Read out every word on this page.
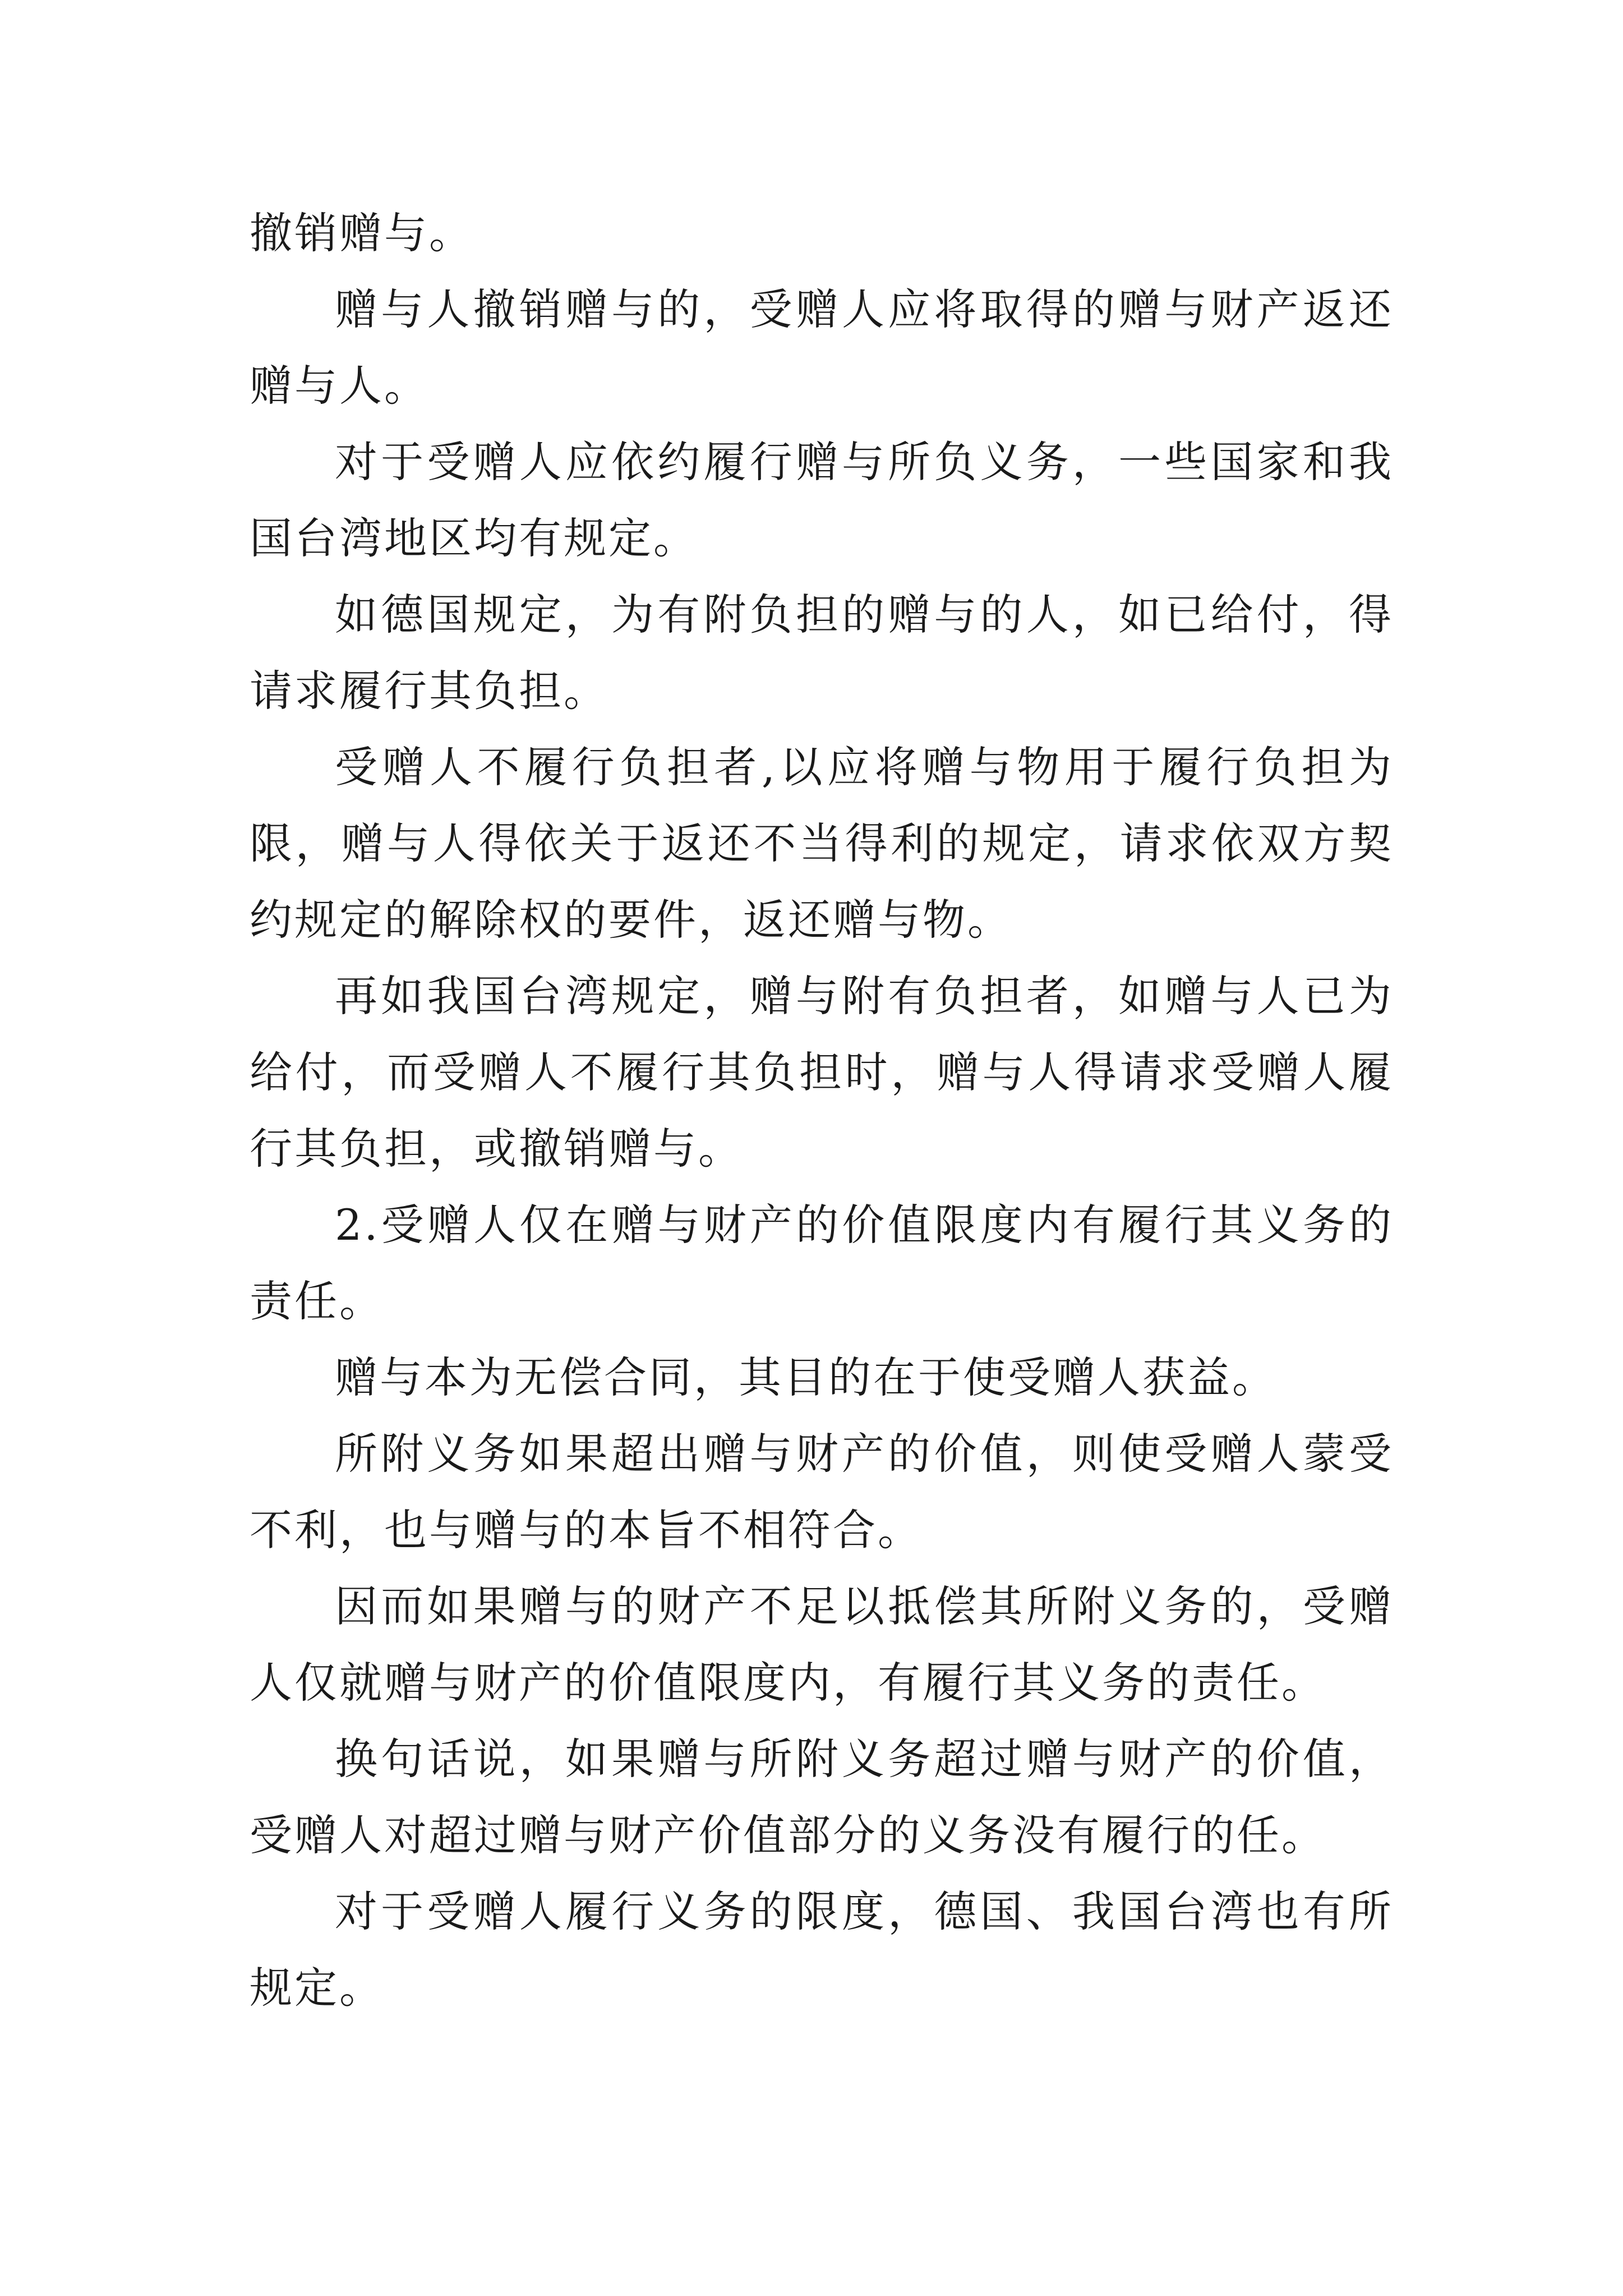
撤销赠与。

赠与人撤销赠与的，受赠人应将取得的赠与财产返还赠与人。

对于受赠人应依约履行赠与所负义务，一些国家和我国台湾地区均有规定。

如德国规定，为有附负担的赠与的人，如已给付，得请求履行其负担。

受赠人不履行负担者,以应将赠与物用于履行负担为限，赠与人得依关于返还不当得利的规定，请求依双方契约规定的解除权的要件，返还赠与物。

再如我国台湾规定，赠与附有负担者，如赠与人已为给付，而受赠人不履行其负担时，赠与人得请求受赠人履行其负担，或撤销赠与。

2.受赠人仅在赠与财产的价值限度内有履行其义务的责任。

赠与本为无偿合同，其目的在于使受赠人获益。

所附义务如果超出赠与财产的价值，则使受赠人蒙受不利，也与赠与的本旨不相符合。

因而如果赠与的财产不足以抵偿其所附义务的，受赠人仅就赠与财产的价值限度内，有履行其义务的责任。

换句话说，如果赠与所附义务超过赠与财产的价值，受赠人对超过赠与财产价值部分的义务没有履行的任。

对于受赠人履行义务的限度，德国、我国台湾也有所规定。
